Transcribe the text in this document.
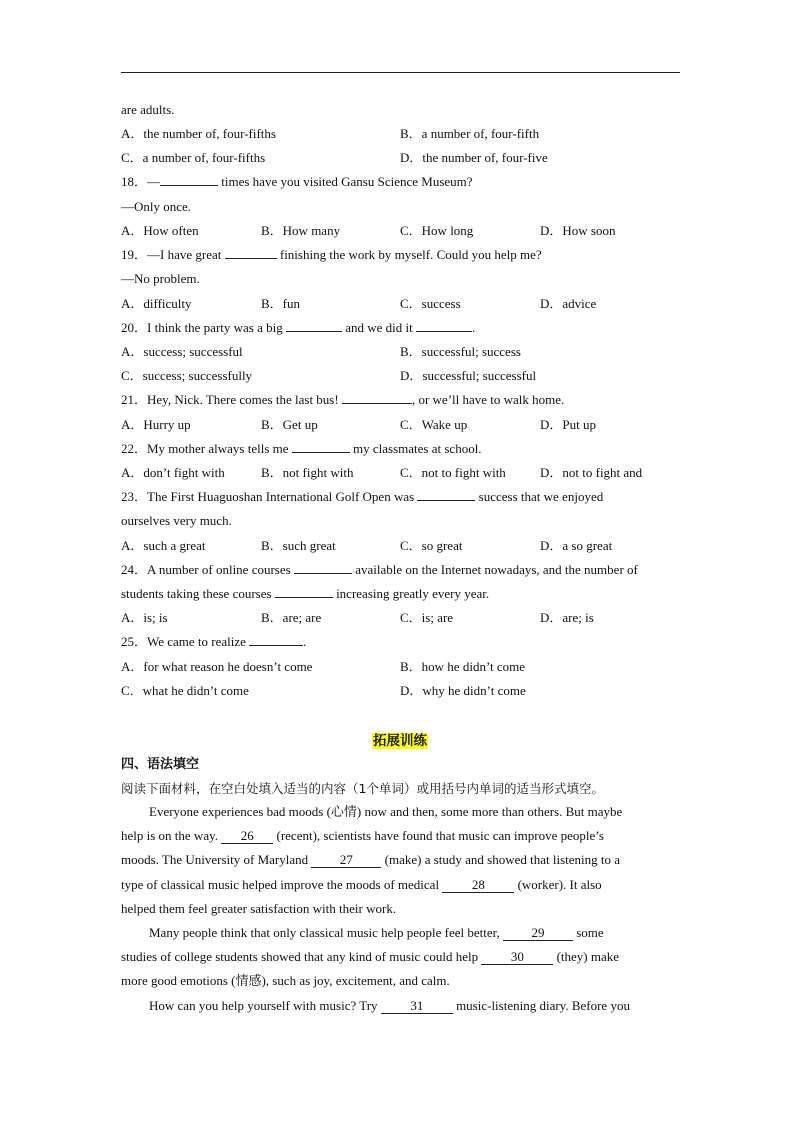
are adults.
A．the number of, four-fifths	B．a number of, four-fifth
C．a number of, four-fifths	D．the number of, four-five
18．—	times have you visited Gansu Science Museum?
—Only once.
A．How often	B．How many	C．How long	D．How soon
19．—I have great	finishing the work by myself. Could you help me?
—No problem.
A．difficulty	B．fun	C．success	D．advice
20．I think the party was a big	and we did it	.
A．success; successful	B．successful; success
C．success; successfully	D．successful; successful
21．Hey, Nick. There comes the last bus!	, or we’ll have to walk home.
A．Hurry up	B．Get up	C．Wake up	D．Put up
22．My mother always tells me	my classmates at school.
A．don’t fight with	B．not fight with	C．not to fight with	D．not to fight and
23．The First Huaguoshan International Golf Open was	success that we enjoyed
ourselves very much.
A．such a great	B．such great	C．so great	D．a so great
24．A number of online courses	available on the Internet nowadays, and the number of
students taking these courses	increasing greatly every year.
A．is; is	B．are; are	C．is; are	D．are; is
25．We came to realize	.
A．for what reason he doesn’t come	B．how he didn’t come
C．what he didn’t come	D．why he didn’t come
拓展训练
四、语法填空
阅读下面材料，在空白处填入适当的内容（1个单词）或用括号内单词的适当形式填空。
Everyone experiences bad moods (心情) now and then, some more than others. But maybe
help is on the way. 26 (recent), scientists have found that music can improve people’s
moods. The University of Maryland 27 (make) a study and showed that listening to a
type of classical music helped improve the moods of medical 28 (worker). It also
helped them feel greater satisfaction with their work.
Many people think that only classical music help people feel better, 29 some
studies of college students showed that any kind of music could help 30 (they) make
more good emotions (情感), such as joy, excitement, and calm.
How can you help yourself with music? Try 31 music-listening diary. Before you
